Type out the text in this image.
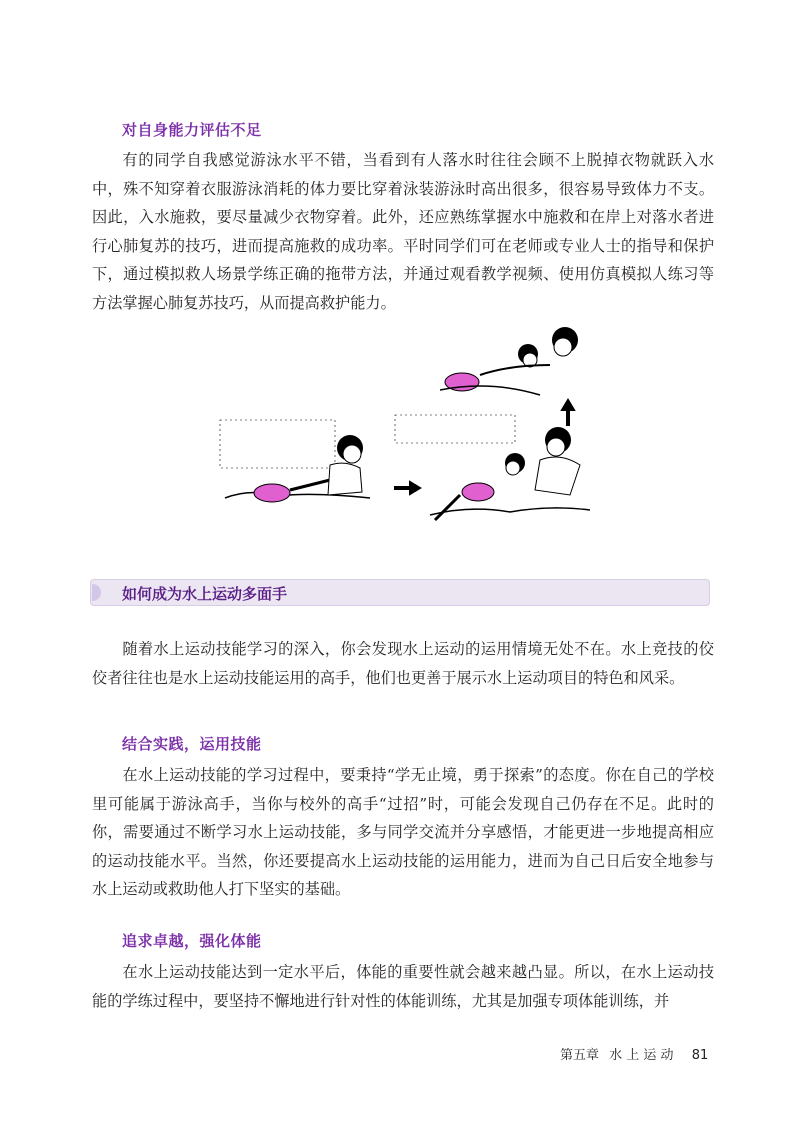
对自身能力评估不足

有的同学自我感觉游泳水平不错，当看到有人落水时往往会顾不上脱掉衣物就跃入水中，殊不知穿着衣服游泳消耗的体力要比穿着泳装游泳时高出很多，很容易导致体力不支。因此，入水施救，要尽量减少衣物穿着。此外，还应熟练掌握水中施救和在岸上对落水者进行心肺复苏的技巧，进而提高施救的成功率。平时同学们可在老师或专业人士的指导和保护下，通过模拟救人场景学练正确的拖带方法，并通过观看教学视频、使用仿真模拟人练习等方法掌握心肺复苏技巧，从而提高救护能力。

如何成为水上运动多面手

随着水上运动技能学习的深入，你会发现水上运动的运用情境无处不在。水上竞技的佼佼者往往也是水上运动技能运用的高手，他们也更善于展示水上运动项目的特色和风采。

结合实践，运用技能

在水上运动技能的学习过程中，要秉持“学无止境，勇于探索”的态度。你在自己的学校里可能属于游泳高手，当你与校外的高手“过招”时，可能会发现自己仍存在不足。此时的你，需要通过不断学习水上运动技能，多与同学交流并分享感悟，才能更进一步地提高相应的运动技能水平。当然，你还要提高水上运动技能的运用能力，进而为自己日后安全地参与水上运动或救助他人打下坚实的基础。

追求卓越，强化体能

在水上运动技能达到一定水平后，体能的重要性就会越来越凸显。所以，在水上运动技能的学练过程中，要坚持不懈地进行针对性的体能训练，尤其是加强专项体能训练，并

第五章 水 上 运 动 81
